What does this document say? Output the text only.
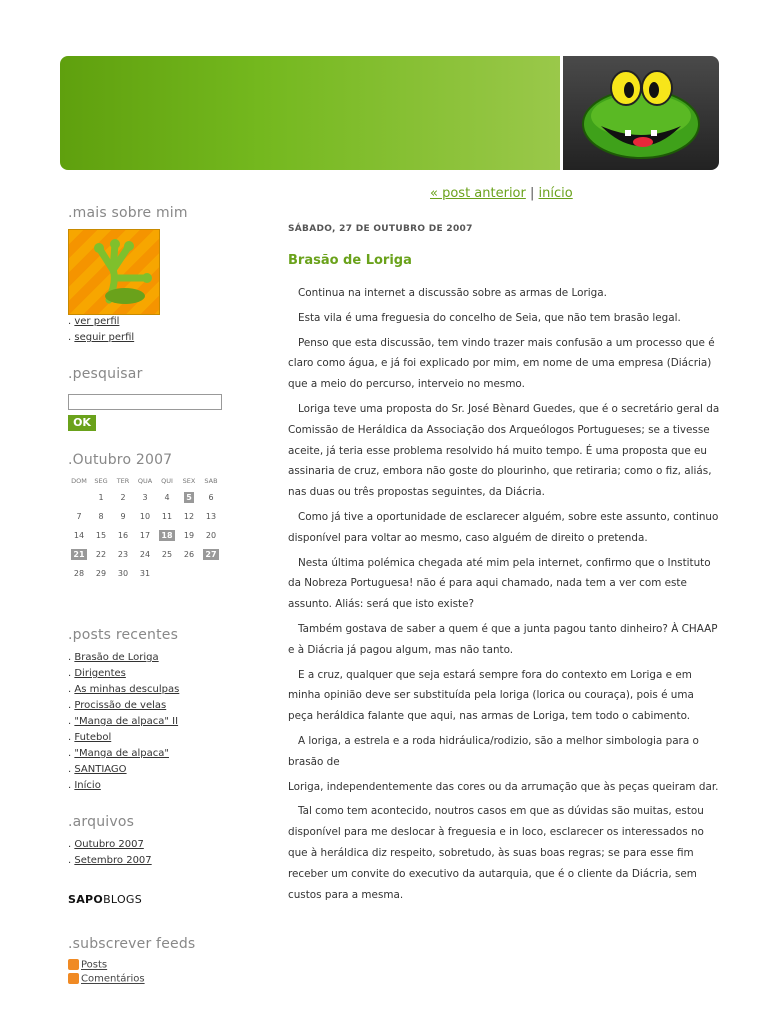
« post anterior | início
.mais sobre mim
. ver perfil
. seguir perfil
.pesquisar
OK
.Outubro 2007
DOM	SEG	TER	QUA	QUI	SEX	SAB
	1	2	3	4	5	6
7	8	9	10	11	12	13
14	15	16	17	18	19	20
21	22	23	24	25	26	27
28	29	30	31			
.posts recentes
. Brasão de Loriga
. Dirigentes
. As minhas desculpas
. Procissão de velas
. "Manga de alpaca" II
. Futebol
. "Manga de alpaca"
. SANTIAGO
. Início
.arquivos
. Outubro 2007
. Setembro 2007
SAPOBLOGS
.subscrever feeds
Posts
Comentários
SÁBADO, 27 DE OUTUBRO DE 2007
Brasão de Loriga

Continua na internet a discussão sobre as armas de Loriga.

Esta vila é uma freguesia do concelho de Seia, que não tem brasão legal.

Penso que esta discussão, tem vindo trazer mais confusão a um processo que é claro como água, e já foi explicado por mim, em nome de uma empresa (Diácria) que a meio do percurso, interveio no mesmo.

Loriga teve uma proposta do Sr. José Bènard Guedes, que é o secretário geral da Comissão de Heráldica da Associação dos Arqueólogos Portugueses; se a tivesse aceite, já teria esse problema resolvido há muito tempo. É uma proposta que eu assinaria de cruz, embora não goste do plourinho, que retiraria; como o fiz, aliás, nas duas ou três propostas seguintes, da Diácria.

Como já tive a oportunidade de esclarecer alguém, sobre este assunto, continuo disponível para voltar ao mesmo, caso alguém de direito o pretenda.

Nesta última polémica chegada até mim pela internet, confirmo que o Instituto da Nobreza Portuguesa! não é para aqui chamado, nada tem a ver com este assunto. Aliás: será que isto existe?

Também gostava de saber a quem é que a junta pagou tanto dinheiro? À CHAAP e à Diácria já pagou algum, mas não tanto.

E a cruz, qualquer que seja estará sempre fora do contexto em Loriga e em minha opinião deve ser substituída pela loriga (lorica ou couraça), pois é uma peça heráldica falante que aqui, nas armas de Loriga, tem todo o cabimento.

A loriga, a estrela e a roda hidráulica/rodizio, são a melhor simbologia para o brasão de

Loriga, independentemente das cores ou da arrumação que às peças queiram dar.

Tal como tem acontecido, noutros casos em que as dúvidas são muitas, estou disponível para me deslocar à freguesia e in loco, esclarecer os interessados no que à heráldica diz respeito, sobretudo, às suas boas regras; se para esse fim receber um convite do executivo da autarquia, que é o cliente da Diácria, sem custos para a mesma.
